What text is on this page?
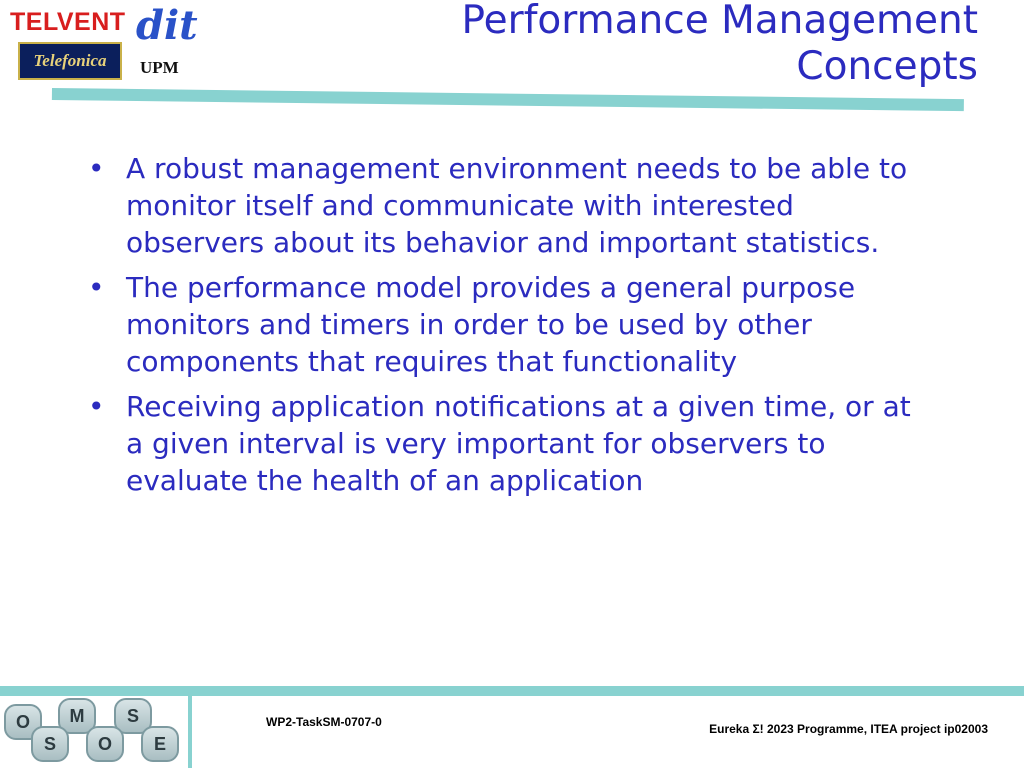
TELVENT
Telefonica
dit
UPM
Performance Management
Concepts
• A robust management environment needs to be able to monitor itself and communicate with interested observers about its behavior and important statistics.
• The performance model provides a general purpose monitors and timers in order to be used by other components that requires that functionality
• Receiving application notifications at a given time, or at a given interval is very important for observers to evaluate the health of an application
O	M	S
S	O	E
WP2-TaskSM-0707-0	Eureka Σ! 2023 Programme, ITEA project ip02003
